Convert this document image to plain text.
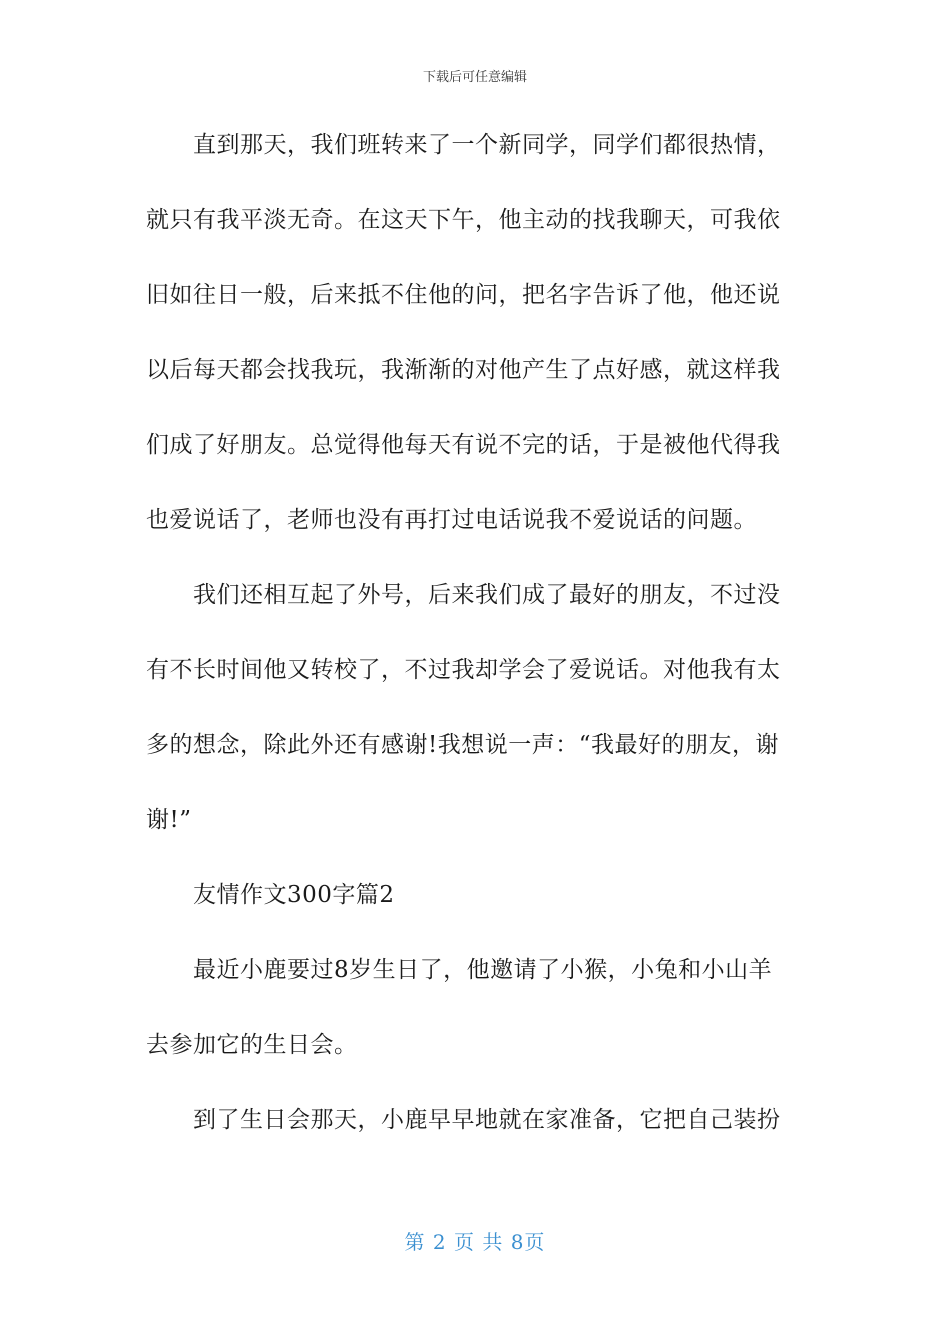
下载后可任意编辑
直到那天，我们班转来了一个新同学，同学们都很热情，
就只有我平淡无奇。在这天下午，他主动的找我聊天，可我依
旧如往日一般，后来抵不住他的问，把名字告诉了他，他还说
以后每天都会找我玩，我渐渐的对他产生了点好感，就这样我
们成了好朋友。总觉得他每天有说不完的话，于是被他代得我
也爱说话了，老师也没有再打过电话说我不爱说话的问题。
我们还相互起了外号，后来我们成了最好的朋友，不过没
有不长时间他又转校了，不过我却学会了爱说话。对他我有太
多的想念，除此外还有感谢!我想说一声：“我最好的朋友，谢
谢!”
友情作文300字篇2
最近小鹿要过8岁生日了，他邀请了小猴，小兔和小山羊
去参加它的生日会。
到了生日会那天，小鹿早早地就在家准备，它把自己装扮
第 2 页 共 8页
